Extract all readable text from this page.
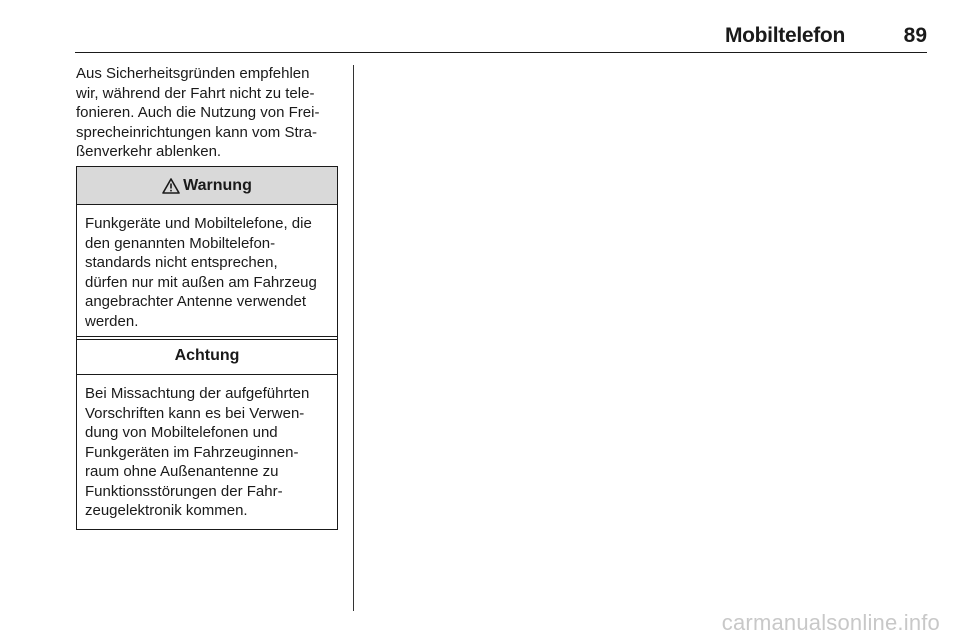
Mobiltelefon	89
Aus Sicherheitsgründen empfehlen
wir, während der Fahrt nicht zu tele-
fonieren. Auch die Nutzung von Frei-
sprecheinrichtungen kann vom Stra-
ßenverkehr ablenken.
Warnung
Funkgeräte und Mobiltelefone, die
den genannten Mobiltelefon-
standards nicht entsprechen,
dürfen nur mit außen am Fahrzeug
angebrachter Antenne verwendet
werden.
Achtung
Bei Missachtung der aufgeführten
Vorschriften kann es bei Verwen-
dung von Mobiltelefonen und
Funkgeräten im Fahrzeuginnen-
raum ohne Außenantenne zu
Funktionsstörungen der Fahr-
zeugelektronik kommen.
carmanualsonline.info
